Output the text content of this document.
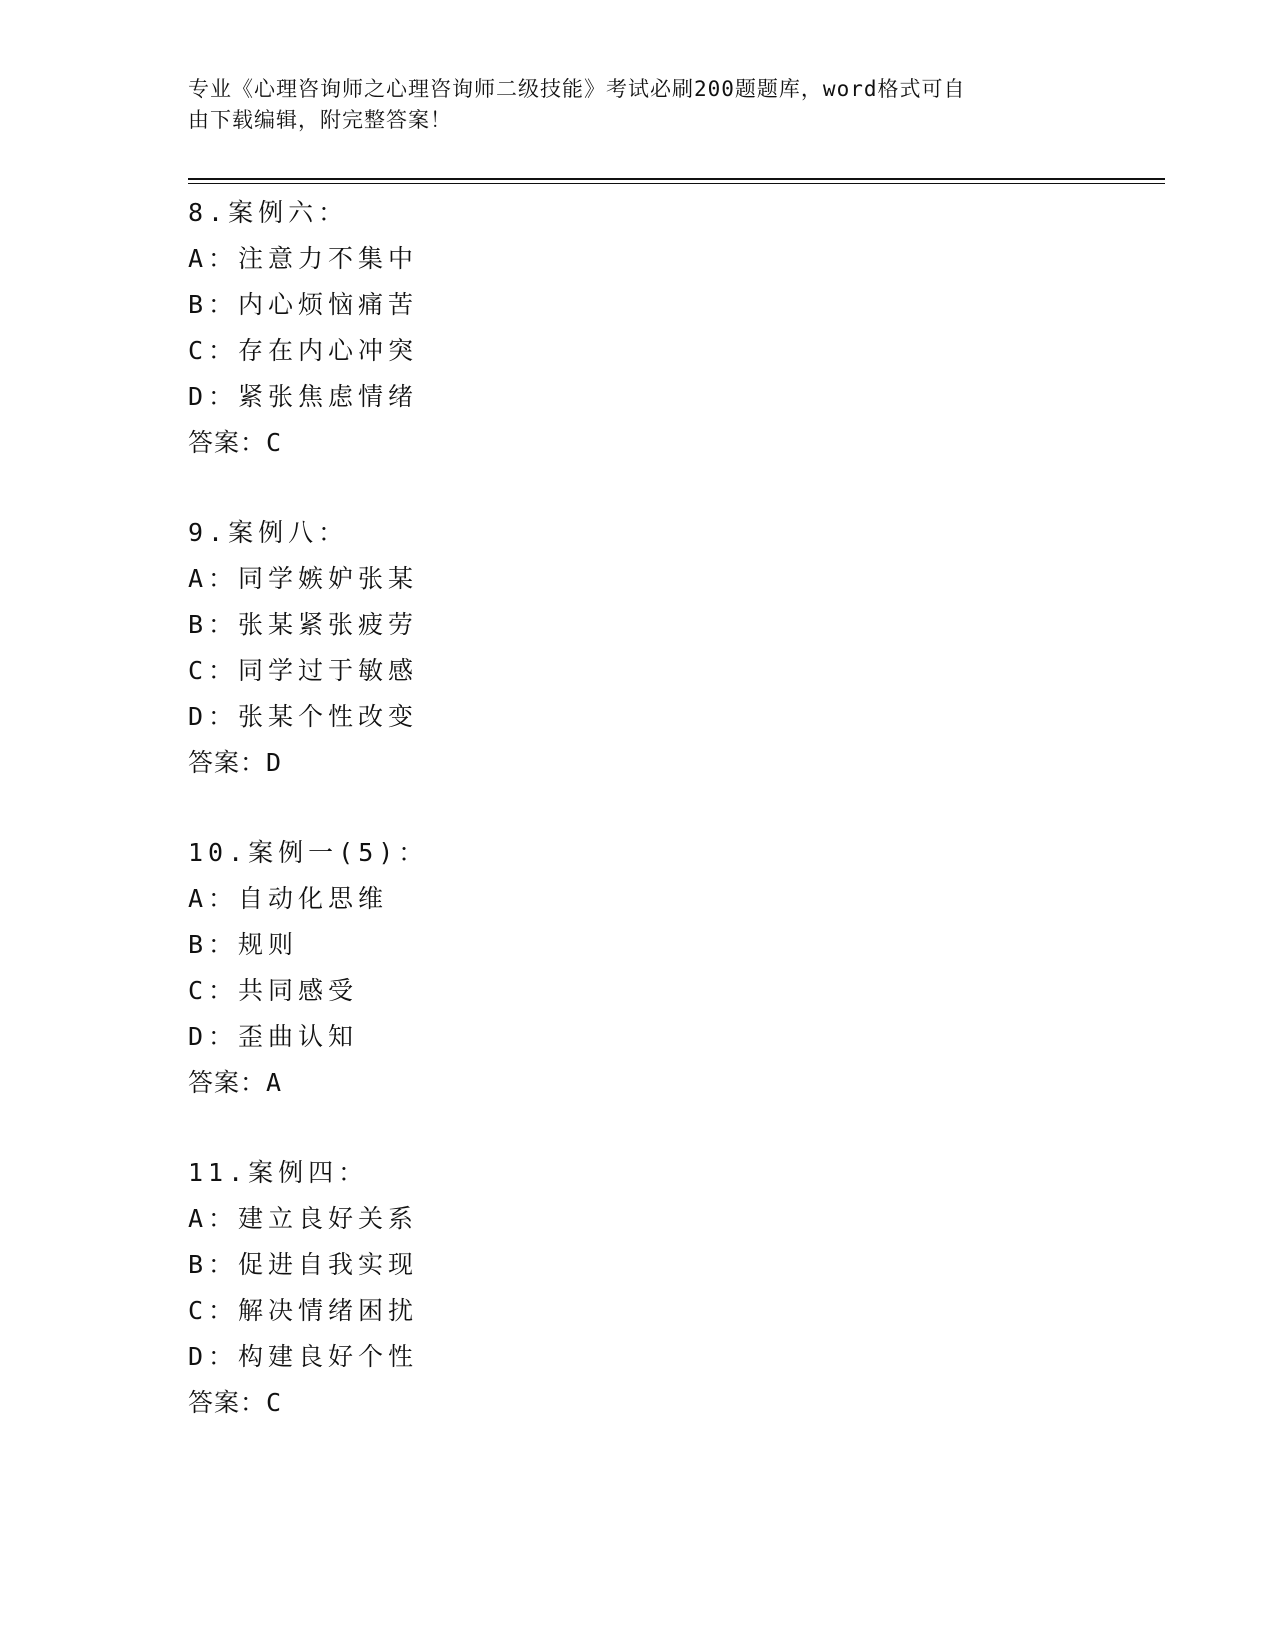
专业《心理咨询师之心理咨询师二级技能》考试必刷200题题库，word格式可自
由下载编辑，附完整答案！
8.案例六：
A：注意力不集中
B：内心烦恼痛苦
C：存在内心冲突
D：紧张焦虑情绪
答案：C
9.案例八：
A：同学嫉妒张某
B：张某紧张疲劳
C：同学过于敏感
D：张某个性改变
答案：D
10.案例一(5)：
A：自动化思维
B：规则
C：共同感受
D：歪曲认知
答案：A
11.案例四：
A：建立良好关系
B：促进自我实现
C：解决情绪困扰
D：构建良好个性
答案：C
